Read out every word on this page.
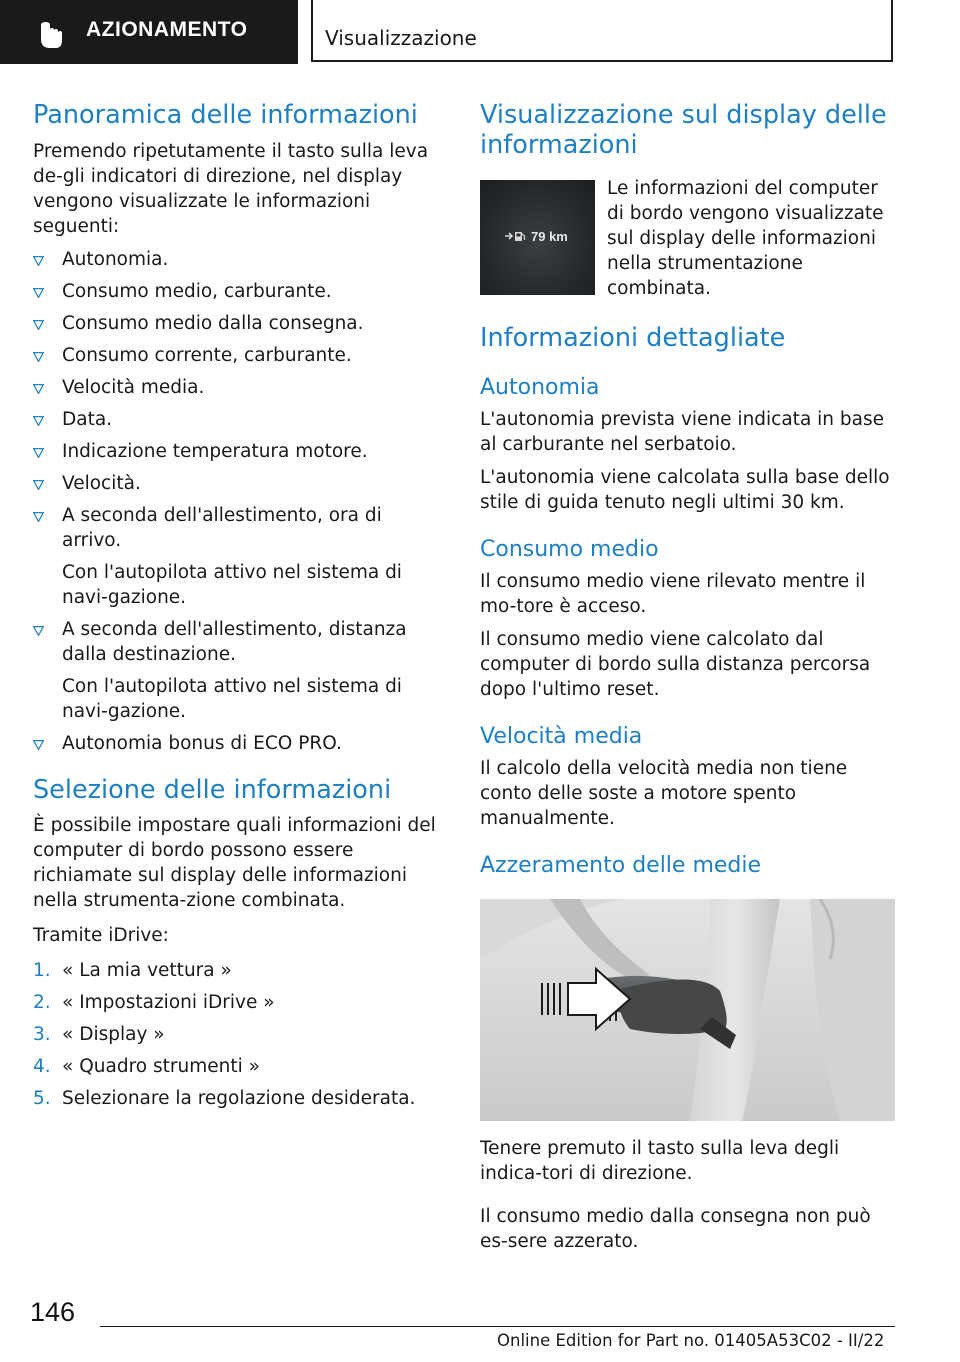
AZIONAMENTO	Visualizzazione
Panoramica delle informazioni

Premendo ripetutamente il tasto sulla leva de-gli indicatori di direzione, nel display vengono visualizzate le informazioni seguenti:

Autonomia.
Consumo medio, carburante.
Consumo medio dalla consegna.
Consumo corrente, carburante.
Velocità media.
Data.
Indicazione temperatura motore.
Velocità.
A seconda dell'allestimento, ora di arrivo.

Con l'autopilota attivo nel sistema di navi-gazione.

A seconda dell'allestimento, distanza dalla destinazione.

Con l'autopilota attivo nel sistema di navi-gazione.

Autonomia bonus di ECO PRO.
Selezione delle informazioni

È possibile impostare quali informazioni del computer di bordo possono essere richiamate sul display delle informazioni nella strumenta-zione combinata.

Tramite iDrive:

1. « La mia vettura »
2. « Impostazioni iDrive »
3. « Display »
4. « Quadro strumenti »
5. Selezionare la regolazione desiderata.
Visualizzazione sul display delle informazioni
79 km

Le informazioni del computer di bordo vengono visualizzate sul display delle informazioni nella strumentazione combinata.

Informazioni dettagliate
Autonomia

L'autonomia prevista viene indicata in base al carburante nel serbatoio.

L'autonomia viene calcolata sulla base dello stile di guida tenuto negli ultimi 30 km.

Consumo medio

Il consumo medio viene rilevato mentre il mo-tore è acceso.

Il consumo medio viene calcolato dal computer di bordo sulla distanza percorsa dopo l'ultimo reset.

Velocità media

Il calcolo della velocità media non tiene conto delle soste a motore spento manualmente.

Azzeramento delle medie

Tenere premuto il tasto sulla leva degli indica-tori di direzione.

Il consumo medio dalla consegna non può es-sere azzerato.

146
Online Edition for Part no. 01405A53C02 - II/22
